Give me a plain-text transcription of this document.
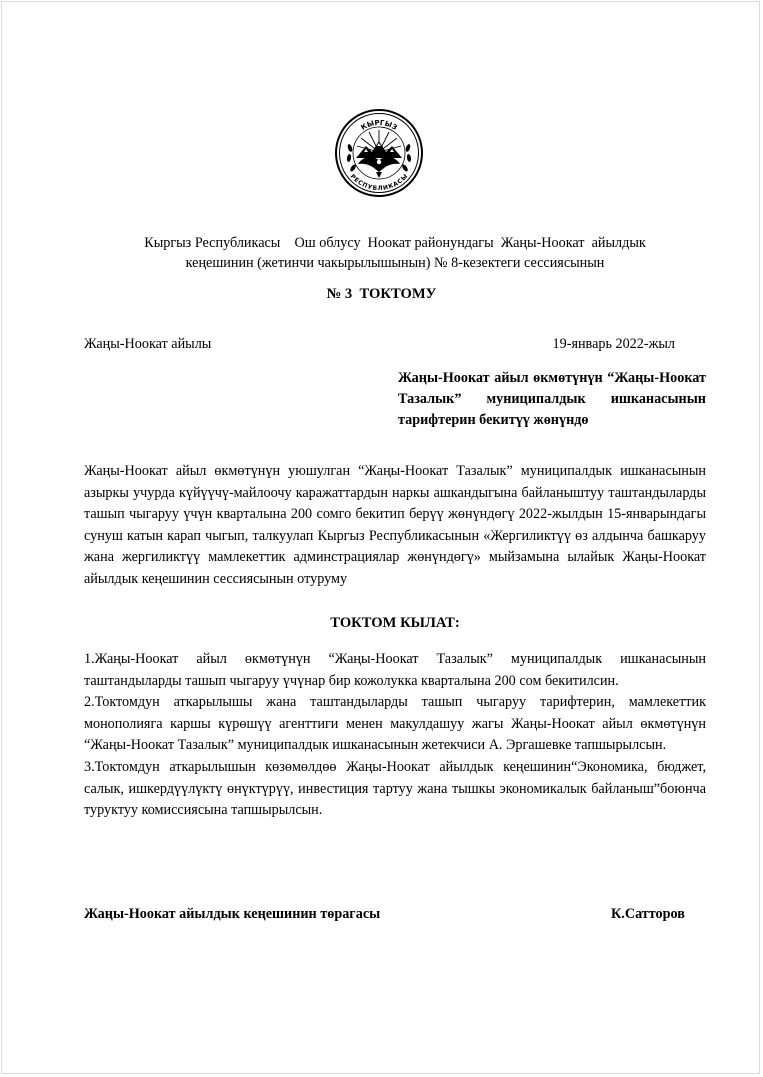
КЫРГЫЗ
РЕСПУБЛИКАСЫ
Кыргыз Республикасы    Ош облусу  Ноокат районундагы  Жаңы-Ноокат  айылдык
кеңешинин (жетинчи чакырылышынын) № 8-кезектеги сессиясынын
№ 3  ТОКТОМУ
Жаңы-Ноокат айылы	19-январь 2022-жыл
Жаңы-Ноокат айыл өкмөтүнүн “Жаңы-Ноокат Тазалык” муниципалдык ишканасынын тарифтерин бекитүү жөнүндө
Жаңы-Ноокат айыл өкмөтүнүн уюшулган “Жаңы-Ноокат Тазалык” муниципалдык ишканасынын азыркы учурда күйүүчү-майлоочу каражаттардын наркы ашкандыгына байланыштуу таштандыларды ташып чыгаруу үчүн кварталына 200 сомго бекитип берүү жөнүндөгү 2022-жылдын 15-январындагы сунуш катын карап чыгып, талкуулап Кыргыз Республикасынын «Жергиликтүү өз алдынча башкаруу жана жергиликтүү мамлекеттик админстрациялар жөнүндөгү» мыйзамына ылайык Жаңы-Ноокат айылдык кеңешинин сессиясынын отуруму
ТОКТОМ КЫЛАТ:

1.Жаңы-Ноокат айыл өкмөтүнүн “Жаңы-Ноокат Тазалык” муниципалдык ишканасынын таштандыларды ташып чыгаруу үчүнар бир кожолукка кварталына 200 сом бекитилсин.

2.Токтомдун аткарылышы жана таштандыларды ташып чыгаруу тарифтерин, мамлекеттик монополияга каршы күрөшүү агенттиги менен макулдашуу жагы Жаңы-Ноокат айыл өкмөтүнүн “Жаңы-Ноокат Тазалык” муниципалдык ишканасынын жетекчиси А. Эргашевке тапшырылсын.

3.Токтомдун аткарылышын көзөмөлдөө Жаңы-Ноокат айылдык кеңешинин“Экономика, бюджет, салык, ишкердүүлүктү өнүктүрүү, инвестиция тартуу жана тышкы экономикалык байланыш”боюнча туруктуу комиссиясына тапшырылсын.

Жаңы-Ноокат айылдык кеңешинин төрагасы	К.Сатторов
